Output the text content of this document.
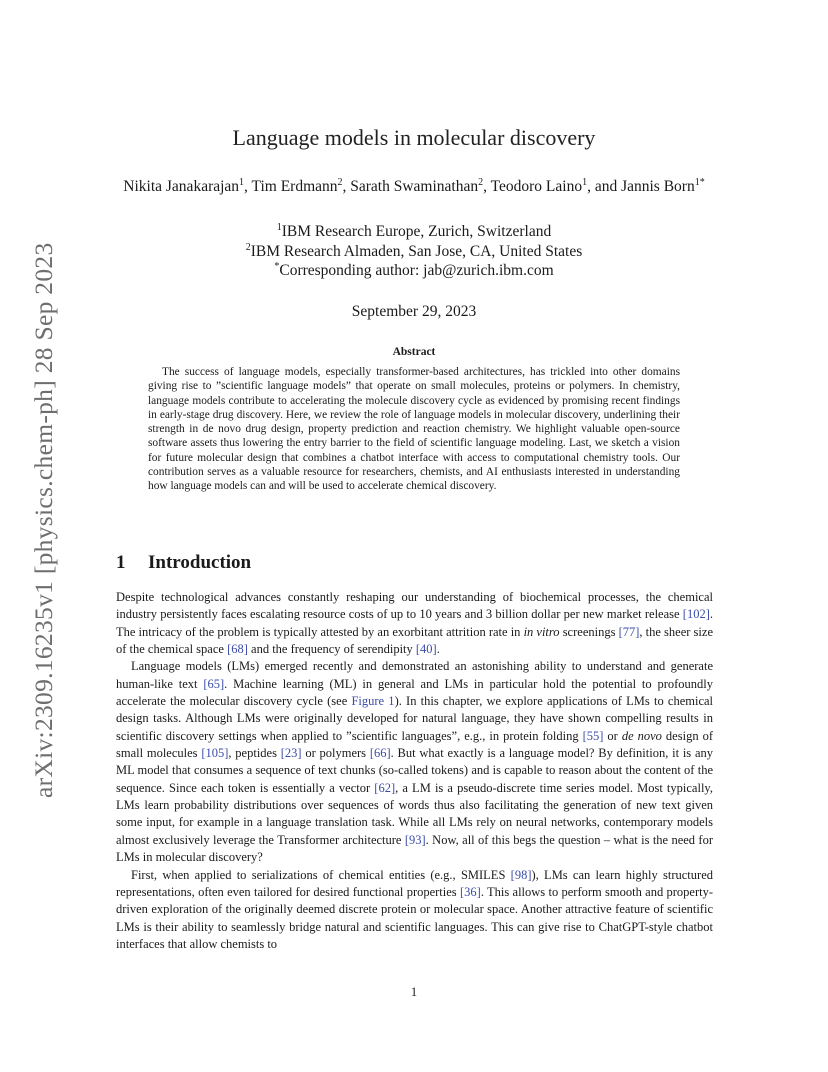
arXiv:2309.16235v1 [physics.chem-ph] 28 Sep 2023
Language models in molecular discovery
Nikita Janakarajan$^1$, Tim Erdmann$^2$, Sarath Swaminathan$^2$, Teodoro Laino$^1$, and Jannis Born$^{1*}$
$^1$IBM Research Europe, Zurich, Switzerland
$^2$IBM Research Almaden, San Jose, CA, United States
*Corresponding author: jab@zurich.ibm.com
September 29, 2023
Abstract
The success of language models, especially transformer-based architectures, has trickled into other domains giving rise to ”scientific language models” that operate on small molecules, proteins or polymers. In chemistry, language models contribute to accelerating the molecule discovery cycle as evidenced by promising recent findings in early-stage drug discovery. Here, we review the role of language models in molecular discovery, underlining their strength in de novo drug design, property prediction and reaction chemistry. We highlight valuable open-source software assets thus lowering the entry barrier to the field of scientific language modeling. Last, we sketch a vision for future molecular design that combines a chatbot interface with access to computational chemistry tools. Our contribution serves as a valuable resource for researchers, chemists, and AI enthusiasts interested in understanding how language models can and will be used to accelerate chemical discovery.
1 Introduction

Despite technological advances constantly reshaping our understanding of biochemical processes, the chemical industry persistently faces escalating resource costs of up to 10 years and 3 billion dollar per new market release [102]. The intricacy of the problem is typically attested by an exorbitant attrition rate in in vitro screenings [77], the sheer size of the chemical space [68] and the frequency of serendipity [40].

Language models (LMs) emerged recently and demonstrated an astonishing ability to understand and generate human-like text [65]. Machine learning (ML) in general and LMs in particular hold the potential to profoundly accelerate the molecular discovery cycle (see Figure 1). In this chapter, we explore applications of LMs to chemical design tasks. Although LMs were originally developed for natural language, they have shown compelling results in scientific discovery settings when applied to ”scientific languages”, e.g., in protein folding [55] or de novo design of small molecules [105], peptides [23] or polymers [66]. But what exactly is a language model? By definition, it is any ML model that consumes a sequence of text chunks (so-called tokens) and is capable to reason about the content of the sequence. Since each token is essentially a vector [62], a LM is a pseudo-discrete time series model. Most typically, LMs learn probability distributions over sequences of words thus also facilitating the generation of new text given some input, for example in a language translation task. While all LMs rely on neural networks, contemporary models almost exclusively leverage the Transformer architecture [93]. Now, all of this begs the question – what is the need for LMs in molecular discovery?

First, when applied to serializations of chemical entities (e.g., SMILES [98]), LMs can learn highly structured representations, often even tailored for desired functional properties [36]. This allows to perform smooth and property-driven exploration of the originally deemed discrete protein or molecular space. Another attractive feature of scientific LMs is their ability to seamlessly bridge natural and scientific languages. This can give rise to ChatGPT-style chatbot interfaces that allow chemists to

1
